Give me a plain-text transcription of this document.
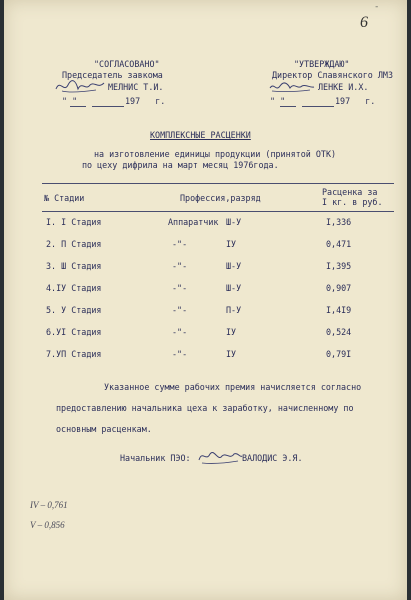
6
-
"СОГЛАСОВАНО"
Председатель завкома
МЕЛНИС Т.И.
" "	197   г.
"УТВЕРЖДАЮ"
Директор Славянского ЛМЗ
ЛЕНКЕ И.Х.
" "	197   г.
КОМПЛЕКСНЫЕ РАСЦЕНКИ
на изготовление единицы продукции (принятой ОТК)
по цеху дифрила на март месяц 1976года.
№ Стадии	Профессия,разряд
Расценка за
I кг. в руб.
I. I Стадия	Аппаратчик Ш-У	I,336
2. П Стадия	-"-	IУ	0,471
3. Ш Стадия	-"-	Ш-У	I,395
4.IУ Стадия	-"-	Ш-У	0,907
5. У Стадия	-"-	П-У	I,4I9
6.УI Стадия	-"-	IУ	0,524
7.УП Стадия	-"-	IУ	0,79I
Указанное сумме рабочих премия начисляется согласно
предоставлению начальника цеха к заработку, начисленному по
основным расценкам.
Начальник ПЭО:	ВАЛОДИС Э.Я.
IV – 0,761
V – 0,856
